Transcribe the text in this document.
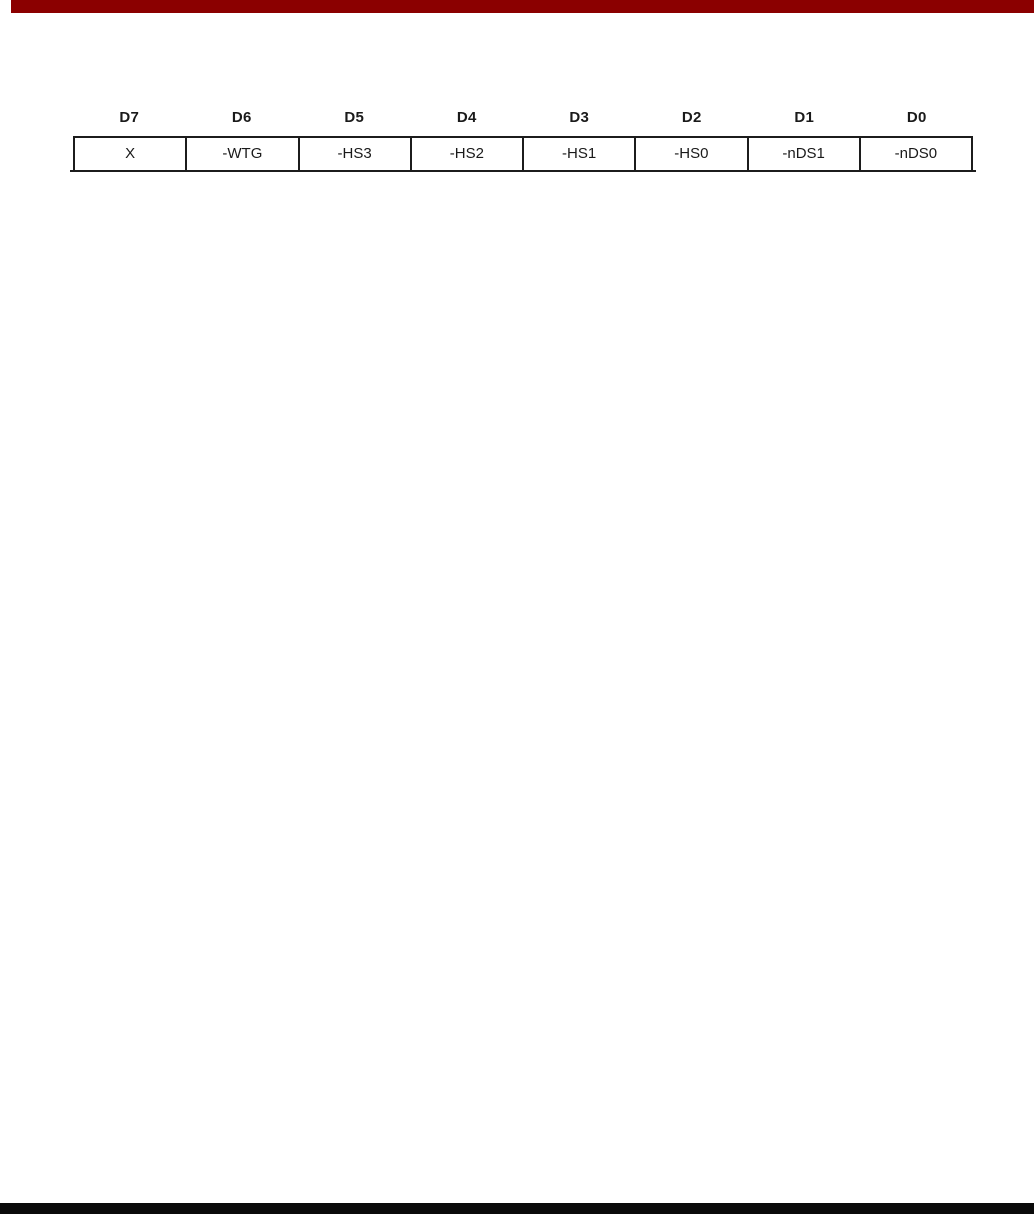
D7	D6	D5	D4	D3	D2	D1	D0
X	-WTG	-HS3	-HS2	-HS1	-HS0	-nDS1	-nDS0
